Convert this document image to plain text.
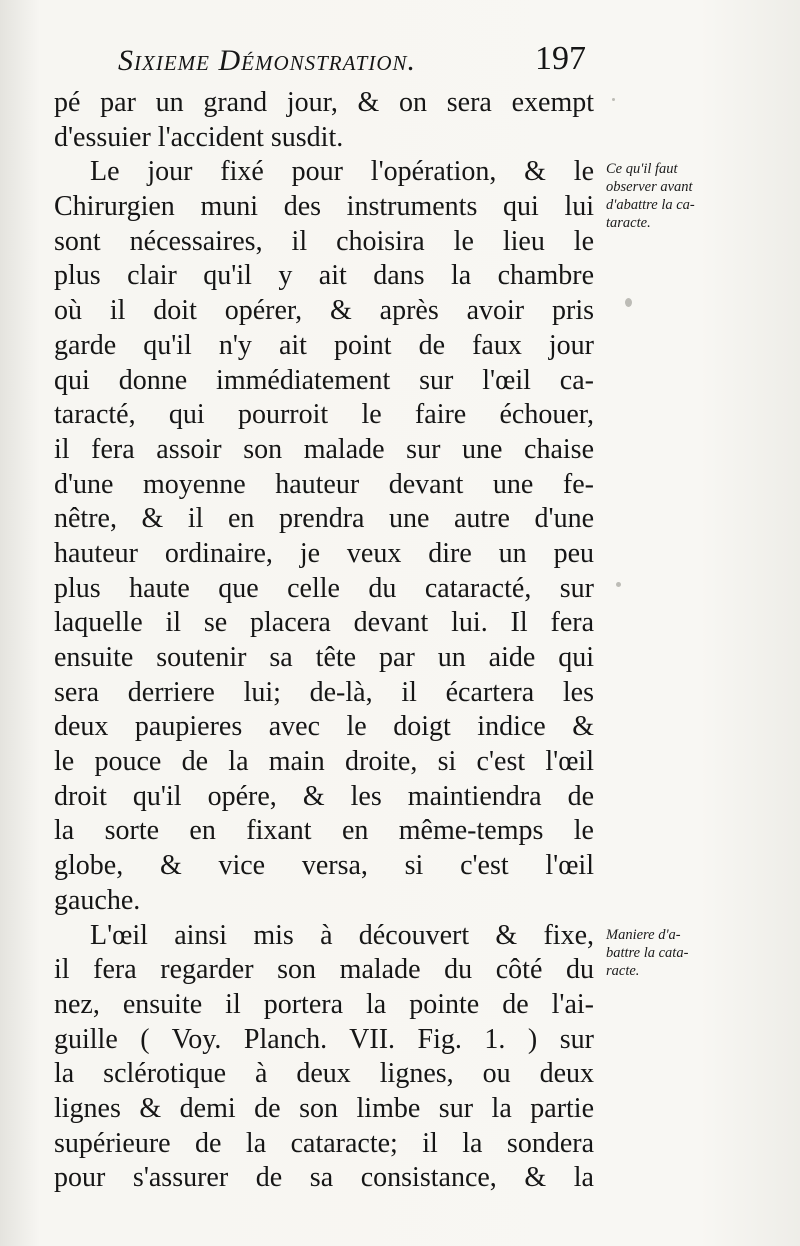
Sixieme Démonstration.	197
pé par un grand jour, & on sera exempt
d'essuier l'accident susdit.
Le jour fixé pour l'opération, & le
Chirurgien muni des instruments qui lui
sont nécessaires, il choisira le lieu le
plus clair qu'il y ait dans la chambre
où il doit opérer, & après avoir pris
garde qu'il n'y ait point de faux jour
qui donne immédiatement sur l'œil ca-
taracté, qui pourroit le faire échouer,
il fera assoir son malade sur une chaise
d'une moyenne hauteur devant une fe-
nêtre, & il en prendra une autre d'une
hauteur ordinaire, je veux dire un peu
plus haute que celle du cataracté, sur
laquelle il se placera devant lui. Il fera
ensuite soutenir sa tête par un aide qui
sera derriere lui; de-là, il écartera les
deux paupieres avec le doigt indice &
le pouce de la main droite, si c'est l'œil
droit qu'il opére, & les maintiendra de
la sorte en fixant en même-temps le
globe, & vice versa, si c'est l'œil
gauche.
L'œil ainsi mis à découvert & fixe,
il fera regarder son malade du côté du
nez, ensuite il portera la pointe de l'ai-
guille ( Voy. Planch. VII. Fig. 1. ) sur
la sclérotique à deux lignes, ou deux
lignes & demi de son limbe sur la partie
supérieure de la cataracte; il la sondera
pour s'assurer de sa consistance, & la
Ce qu'il faut
observer avant
d'abattre la ca-
taracte.
Maniere d'a-
battre la cata-
racte.
